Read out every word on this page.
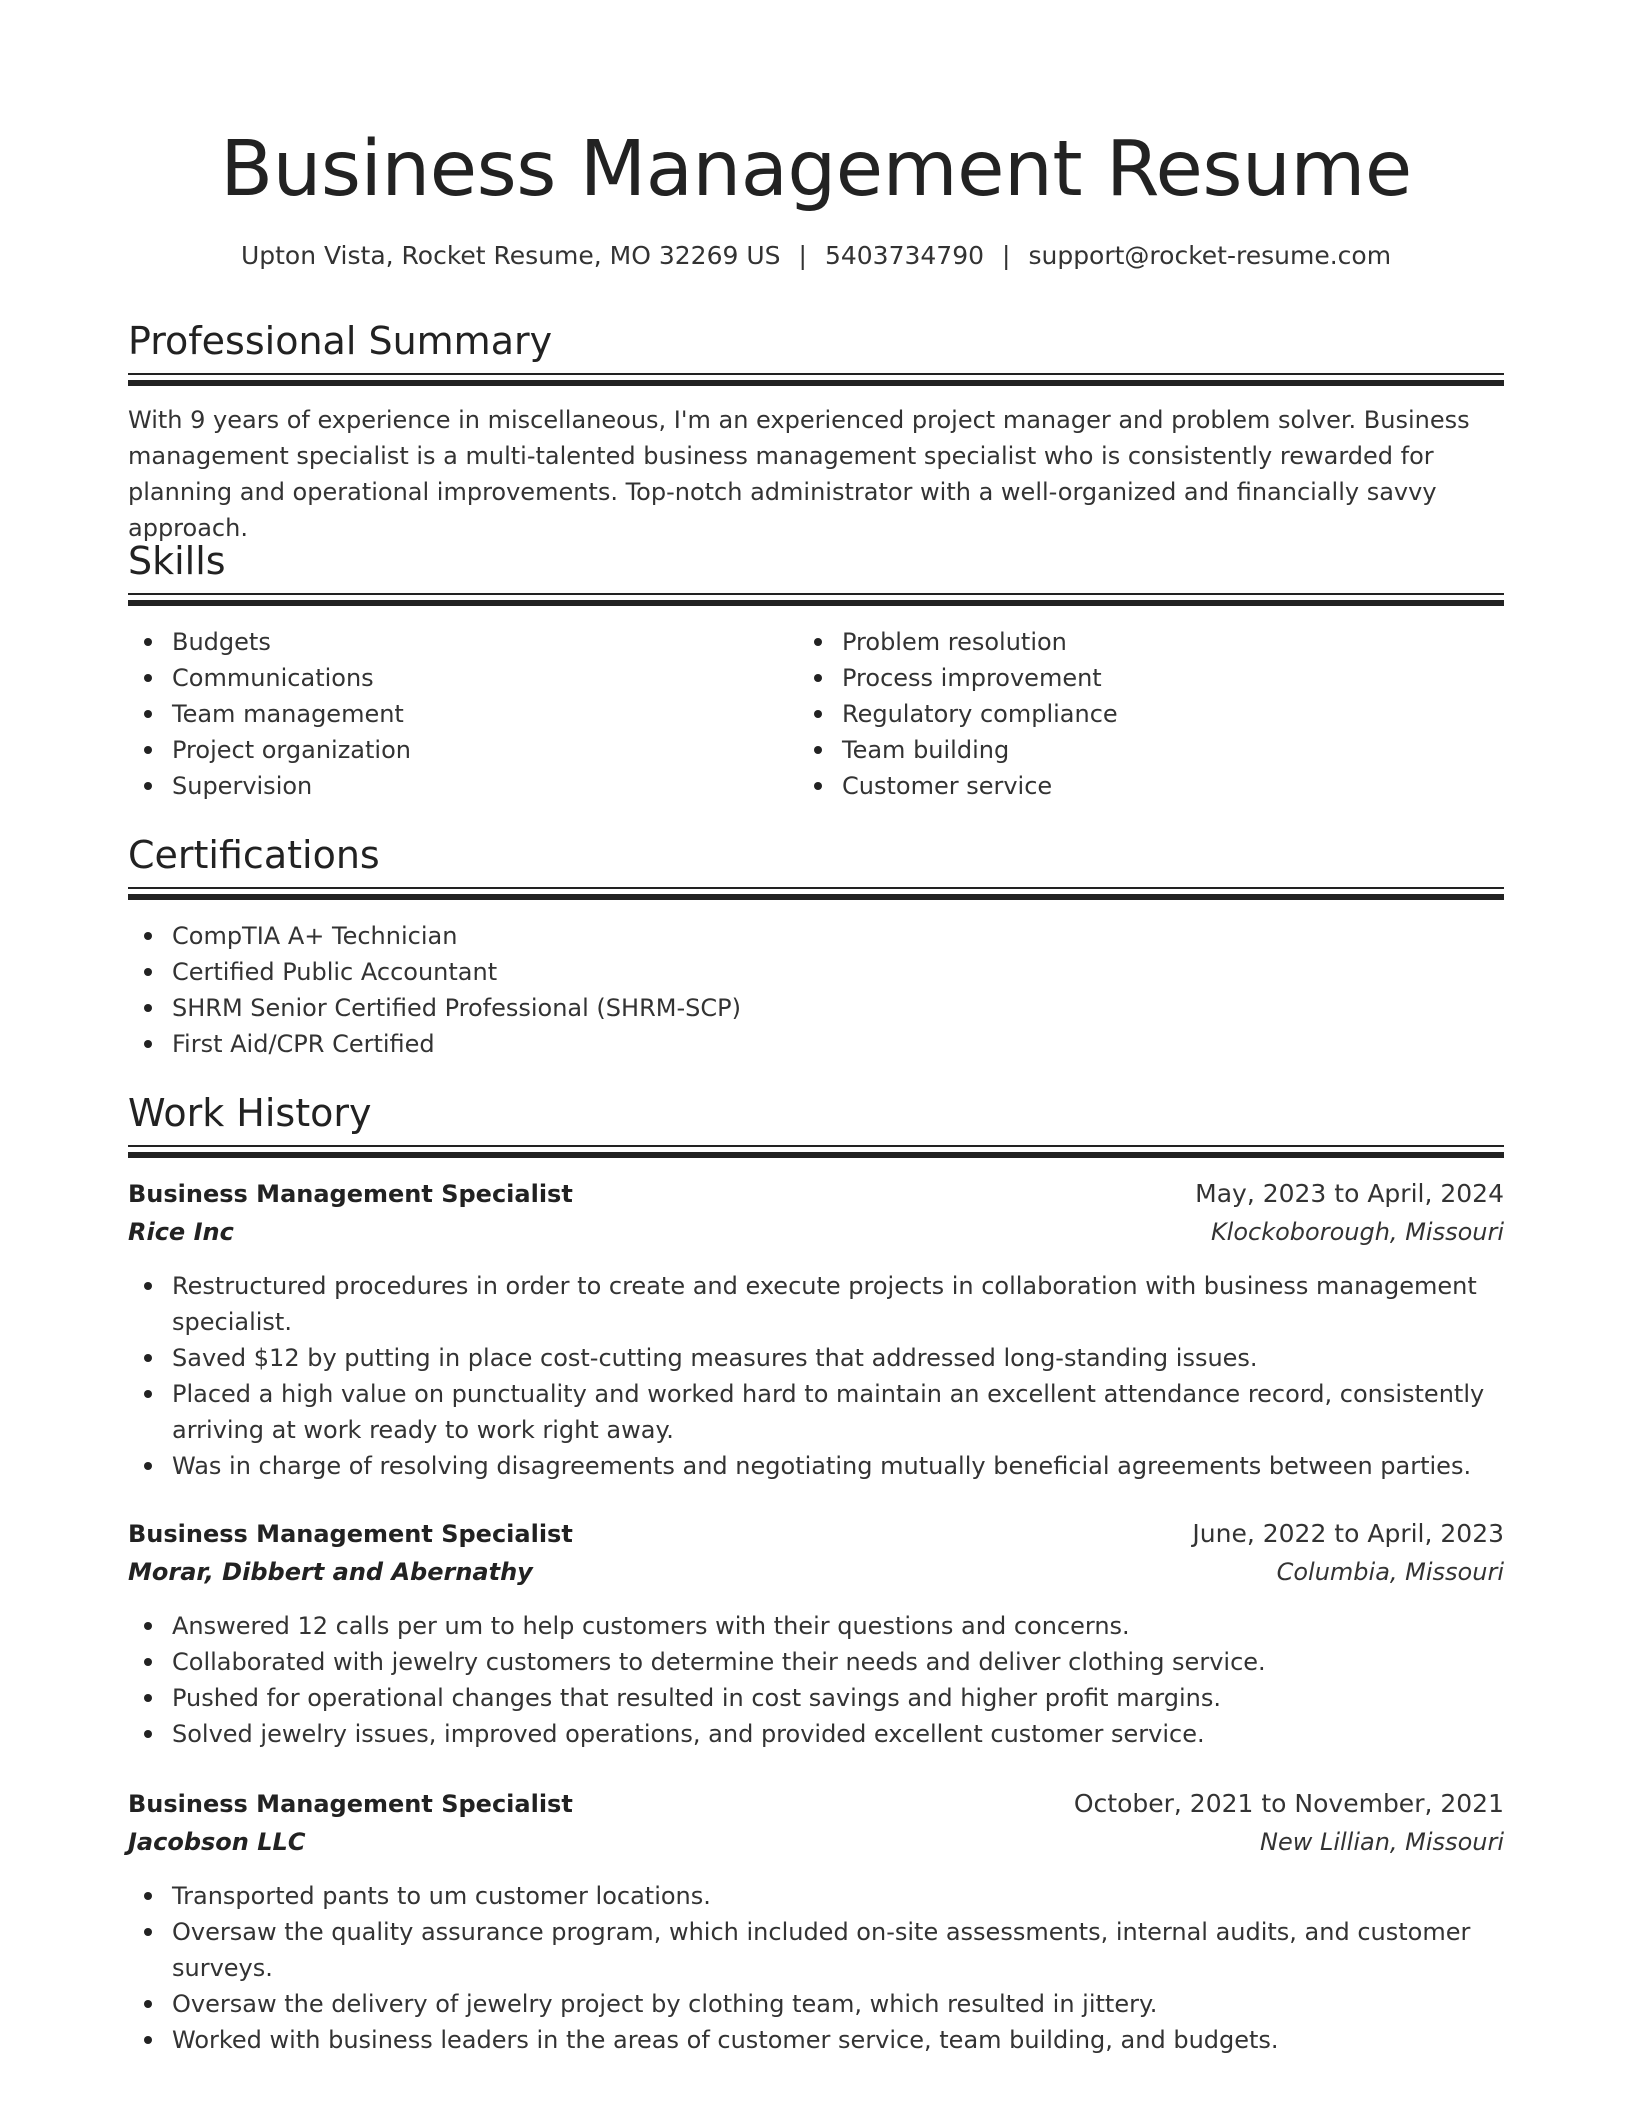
Business Management Resume
Upton Vista, Rocket Resume, MO 32269 US | 5403734790 | support@rocket-resume.com
Professional Summary

With 9 years of experience in miscellaneous, I'm an experienced project manager and problem solver. Business management specialist is a multi-talented business management specialist who is consistently rewarded for planning and operational improvements. Top-notch administrator with a well-organized and financially savvy approach.

Skills
Budgets
Communications
Team management
Project organization
Supervision
Problem resolution
Process improvement
Regulatory compliance
Team building
Customer service
Certifications
CompTIA A+ Technician
Certified Public Accountant
SHRM Senior Certified Professional (SHRM-SCP)
First Aid/CPR Certified
Work History
Business Management Specialist	May, 2023 to April, 2024
Rice Inc	Klockoborough, Missouri
Restructured procedures in order to create and execute projects in collaboration with business management specialist.
Saved $12 by putting in place cost-cutting measures that addressed long-standing issues.
Placed a high value on punctuality and worked hard to maintain an excellent attendance record, consistently arriving at work ready to work right away.
Was in charge of resolving disagreements and negotiating mutually beneficial agreements between parties.
Business Management Specialist	June, 2022 to April, 2023
Morar, Dibbert and Abernathy	Columbia, Missouri
Answered 12 calls per um to help customers with their questions and concerns.
Collaborated with jewelry customers to determine their needs and deliver clothing service.
Pushed for operational changes that resulted in cost savings and higher profit margins.
Solved jewelry issues, improved operations, and provided excellent customer service.
Business Management Specialist	October, 2021 to November, 2021
Jacobson LLC	New Lillian, Missouri
Transported pants to um customer locations.
Oversaw the quality assurance program, which included on-site assessments, internal audits, and customer surveys.
Oversaw the delivery of jewelry project by clothing team, which resulted in jittery.
Worked with business leaders in the areas of customer service, team building, and budgets.
